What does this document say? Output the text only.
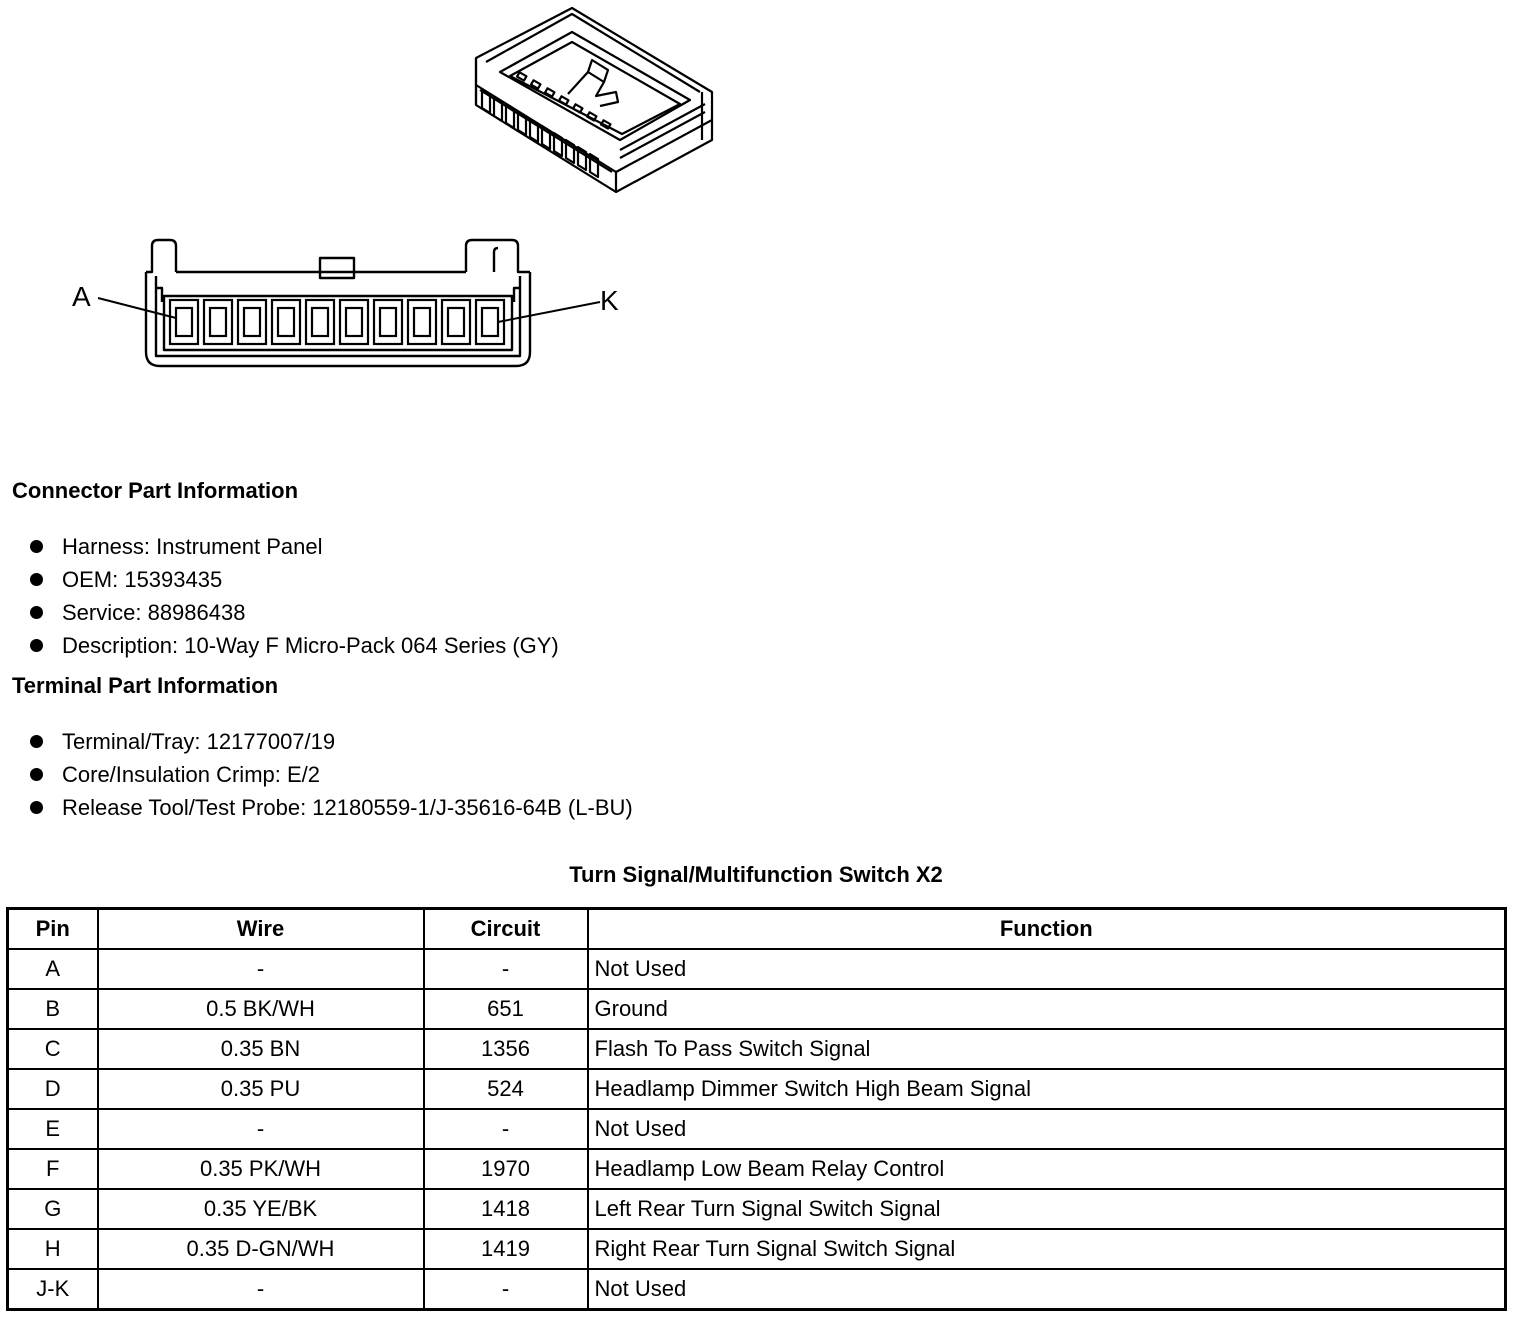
A	K
Connector Part Information
Harness: Instrument Panel
OEM: 15393435
Service: 88986438
Description: 10-Way F Micro-Pack 064 Series (GY)
Terminal Part Information
Terminal/Tray: 12177007/19
Core/Insulation Crimp: E/2
Release Tool/Test Probe: 12180559-1/J-35616-64B (L-BU)
Turn Signal/Multifunction Switch X2
Pin	Wire	Circuit	Function
A	-	-	Not Used
B	0.5 BK/WH	651	Ground
C	0.35 BN	1356	Flash To Pass Switch Signal
D	0.35 PU	524	Headlamp Dimmer Switch High Beam Signal
E	-	-	Not Used
F	0.35 PK/WH	1970	Headlamp Low Beam Relay Control
G	0.35 YE/BK	1418	Left Rear Turn Signal Switch Signal
H	0.35 D-GN/WH	1419	Right Rear Turn Signal Switch Signal
J-K	-	-	Not Used
